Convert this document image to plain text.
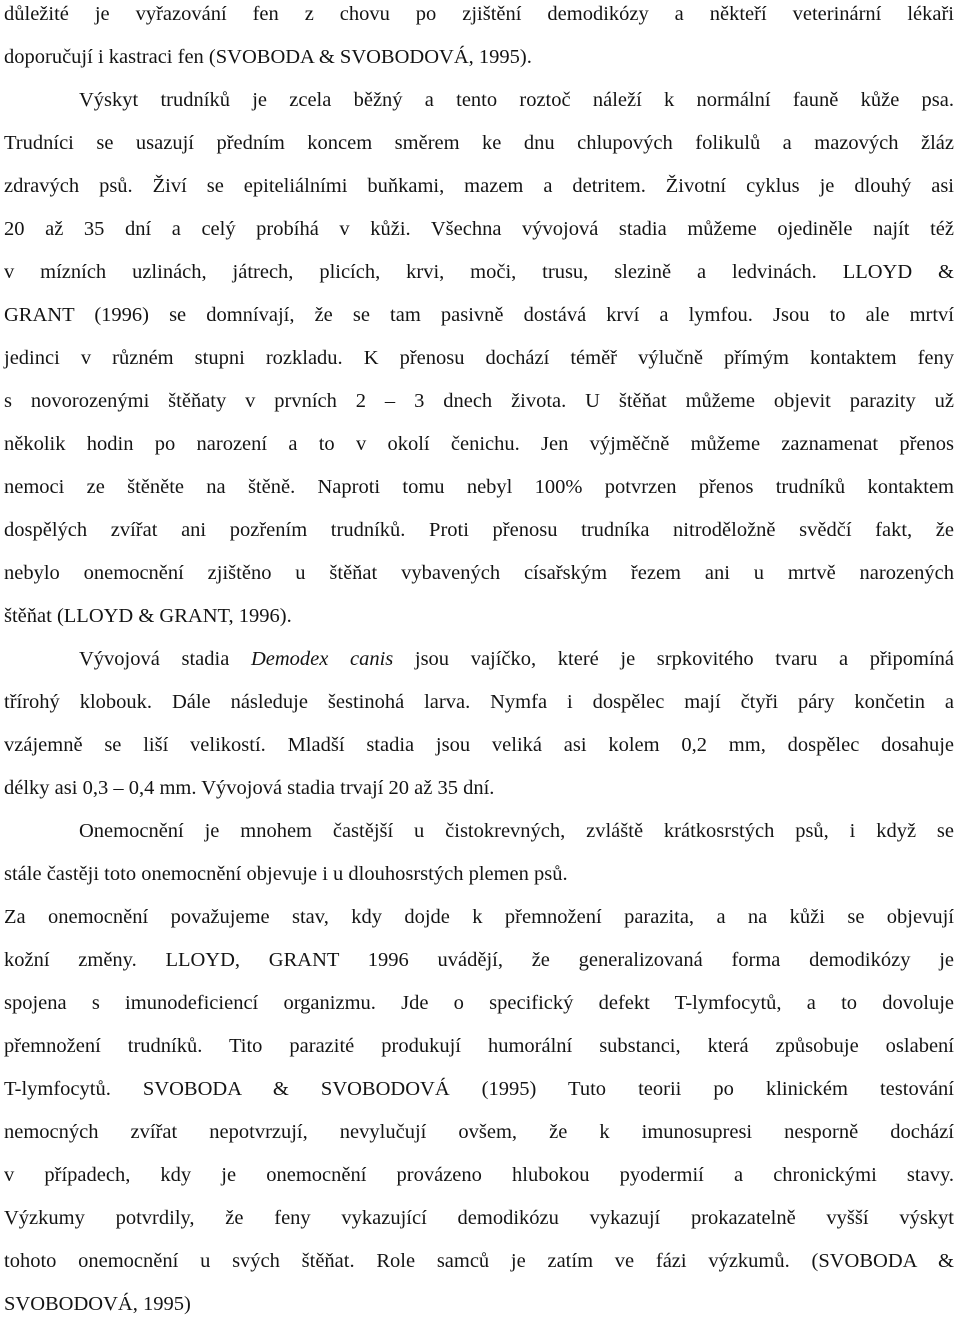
důležité je vyřazování fen z chovu po zjištění demodikózy a někteří veterinární lékaři

doporučují i kastraci fen (SVOBODA & SVOBODOVÁ, 1995).

Výskyt trudníků je zcela běžný a tento roztoč náleží k normální fauně kůže psa.

Trudníci se usazují předním koncem směrem ke dnu chlupových folikulů a mazových žláz

zdravých psů. Živí se epiteliálními buňkami, mazem a detritem. Životní cyklus je dlouhý asi

20 až 35 dní a celý probíhá v kůži. Všechna vývojová stadia můžeme ojediněle najít též

v mízních uzlinách, játrech, plicích, krvi, moči, trusu, slezině a ledvinách. LLOYD &

GRANT (1996) se domnívají, že se tam pasivně dostává krví a lymfou. Jsou to ale mrtví

jedinci v různém stupni rozkladu. K přenosu dochází téměř výlučně přímým kontaktem feny

s novorozenými štěňaty v prvních 2 – 3 dnech života. U štěňat můžeme objevit parazity už

několik hodin po narození a to v okolí čenichu. Jen výjměčně můžeme zaznamenat přenos

nemoci ze štěněte na štěně. Naproti tomu nebyl 100% potvrzen přenos trudníků kontaktem

dospělých zvířat ani pozřením trudníků. Proti přenosu trudníka nitroděložně svědčí fakt, že

nebylo onemocnění zjištěno u štěňat vybavených císařským řezem ani u mrtvě narozených

štěňat (LLOYD & GRANT, 1996).

Vývojová stadia Demodex canis jsou vajíčko, které je srpkovitého tvaru a připomíná

třírohý klobouk. Dále následuje šestinohá larva. Nymfa i dospělec mají čtyři páry končetin a

vzájemně se liší velikostí. Mladší stadia jsou veliká asi kolem 0,2 mm, dospělec dosahuje

délky asi 0,3 – 0,4 mm. Vývojová stadia trvají 20 až 35 dní.

Onemocnění je mnohem častější u čistokrevných, zvláště krátkosrstých psů, i když se

stále častěji toto onemocnění objevuje i u dlouhosrstých plemen psů.

Za onemocnění považujeme stav, kdy dojde k přemnožení parazita, a na kůži se objevují

kožní změny. LLOYD, GRANT 1996 uvádějí, že generalizovaná forma demodikózy je

spojena s imunodeficiencí organizmu. Jde o specifický defekt T-lymfocytů, a to dovoluje

přemnožení trudníků. Tito parazité produkují humorální substanci, která způsobuje oslabení

T-lymfocytů. SVOBODA & SVOBODOVÁ (1995) Tuto teorii po klinickém testování

nemocných zvířat nepotvrzují, nevylučují ovšem, že k imunosupresi nesporně dochází

v případech, kdy je onemocnění provázeno hlubokou pyodermií a chronickými stavy.

Výzkumy potvrdily, že feny vykazující demodikózu vykazují prokazatelně vyšší výskyt

tohoto onemocnění u svých štěňat. Role samců je zatím ve fázi výzkumů. (SVOBODA &

SVOBODOVÁ, 1995)
